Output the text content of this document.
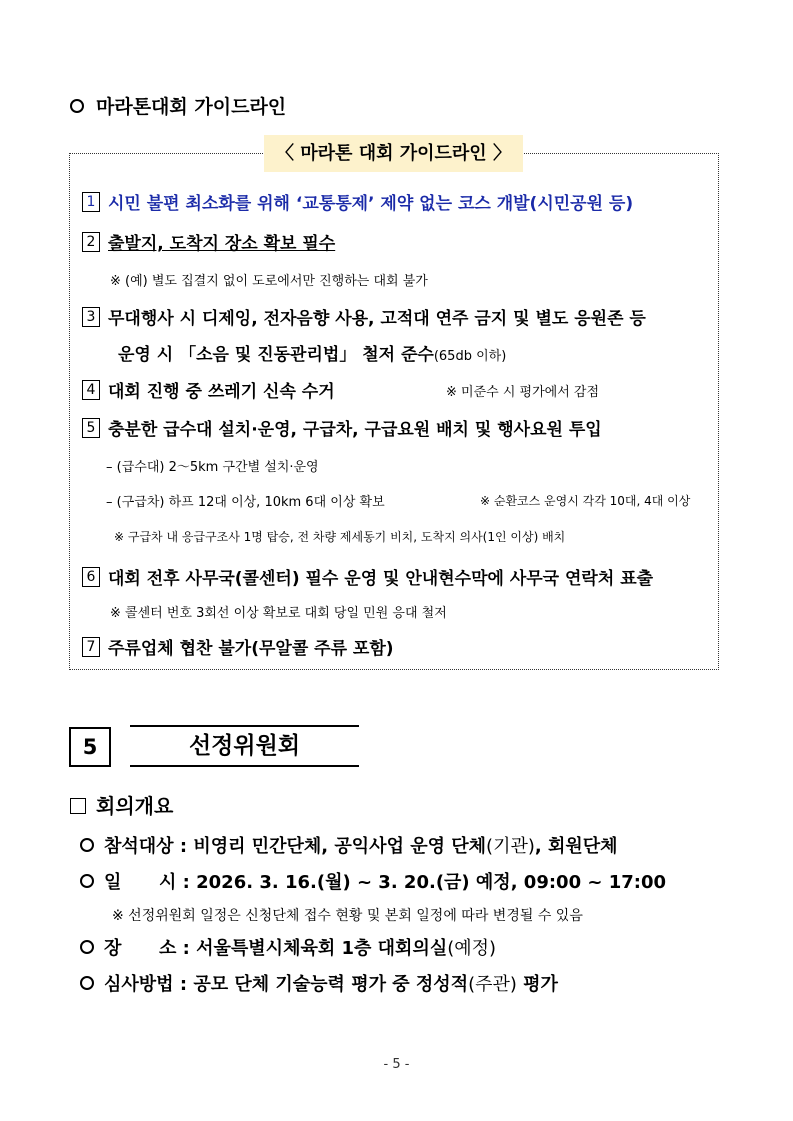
마라톤대회 가이드라인
〈 마라톤 대회 가이드라인 〉
1 시민 불편 최소화를 위해 ‘교통통제’ 제약 없는 코스 개발(시민공원 등)
2 출발지, 도착지 장소 확보 필수
※ (예) 별도 집결지 없이 도로에서만 진행하는 대회 불가
3 무대행사 시 디제잉, 전자음향 사용, 고적대 연주 금지 및 별도 응원존 등
운영 시 「소음 및 진동관리법」 철저 준수(65db 이하)
4 대회 진행 중 쓰레기 신속 수거	※ 미준수 시 평가에서 감점
5 충분한 급수대 설치·운영, 구급차, 구급요원 배치 및 행사요원 투입
– (급수대) 2～5km 구간별 설치·운영
– (구급차) 하프 12대 이상, 10km 6대 이상 확보	※ 순환코스 운영시 각각 10대, 4대 이상
※ 구급차 내 응급구조사 1명 탑승, 전 차량 제세동기 비치, 도착지 의사(1인 이상) 배치
6 대회 전후 사무국(콜센터) 필수 운영 및 안내현수막에 사무국 연락처 표출
※ 콜센터 번호 3회선 이상 확보로 대회 당일 민원 응대 철저
7 주류업체 협찬 불가(무알콜 주류 포함)
5	선정위원회
회의개요
참석대상 : 비영리 민간단체, 공익사업 운영 단체(기관), 회원단체
일      시 : 2026. 3. 16.(월) ~ 3. 20.(금) 예정, 09:00 ~ 17:00
※ 선정위원회 일정은 신청단체 접수 현황 및 본회 일정에 따라 변경될 수 있음
장      소 : 서울특별시체육회 1층 대회의실(예정)
심사방법 : 공모 단체 기술능력 평가 중 정성적(주관) 평가
- 5 -
